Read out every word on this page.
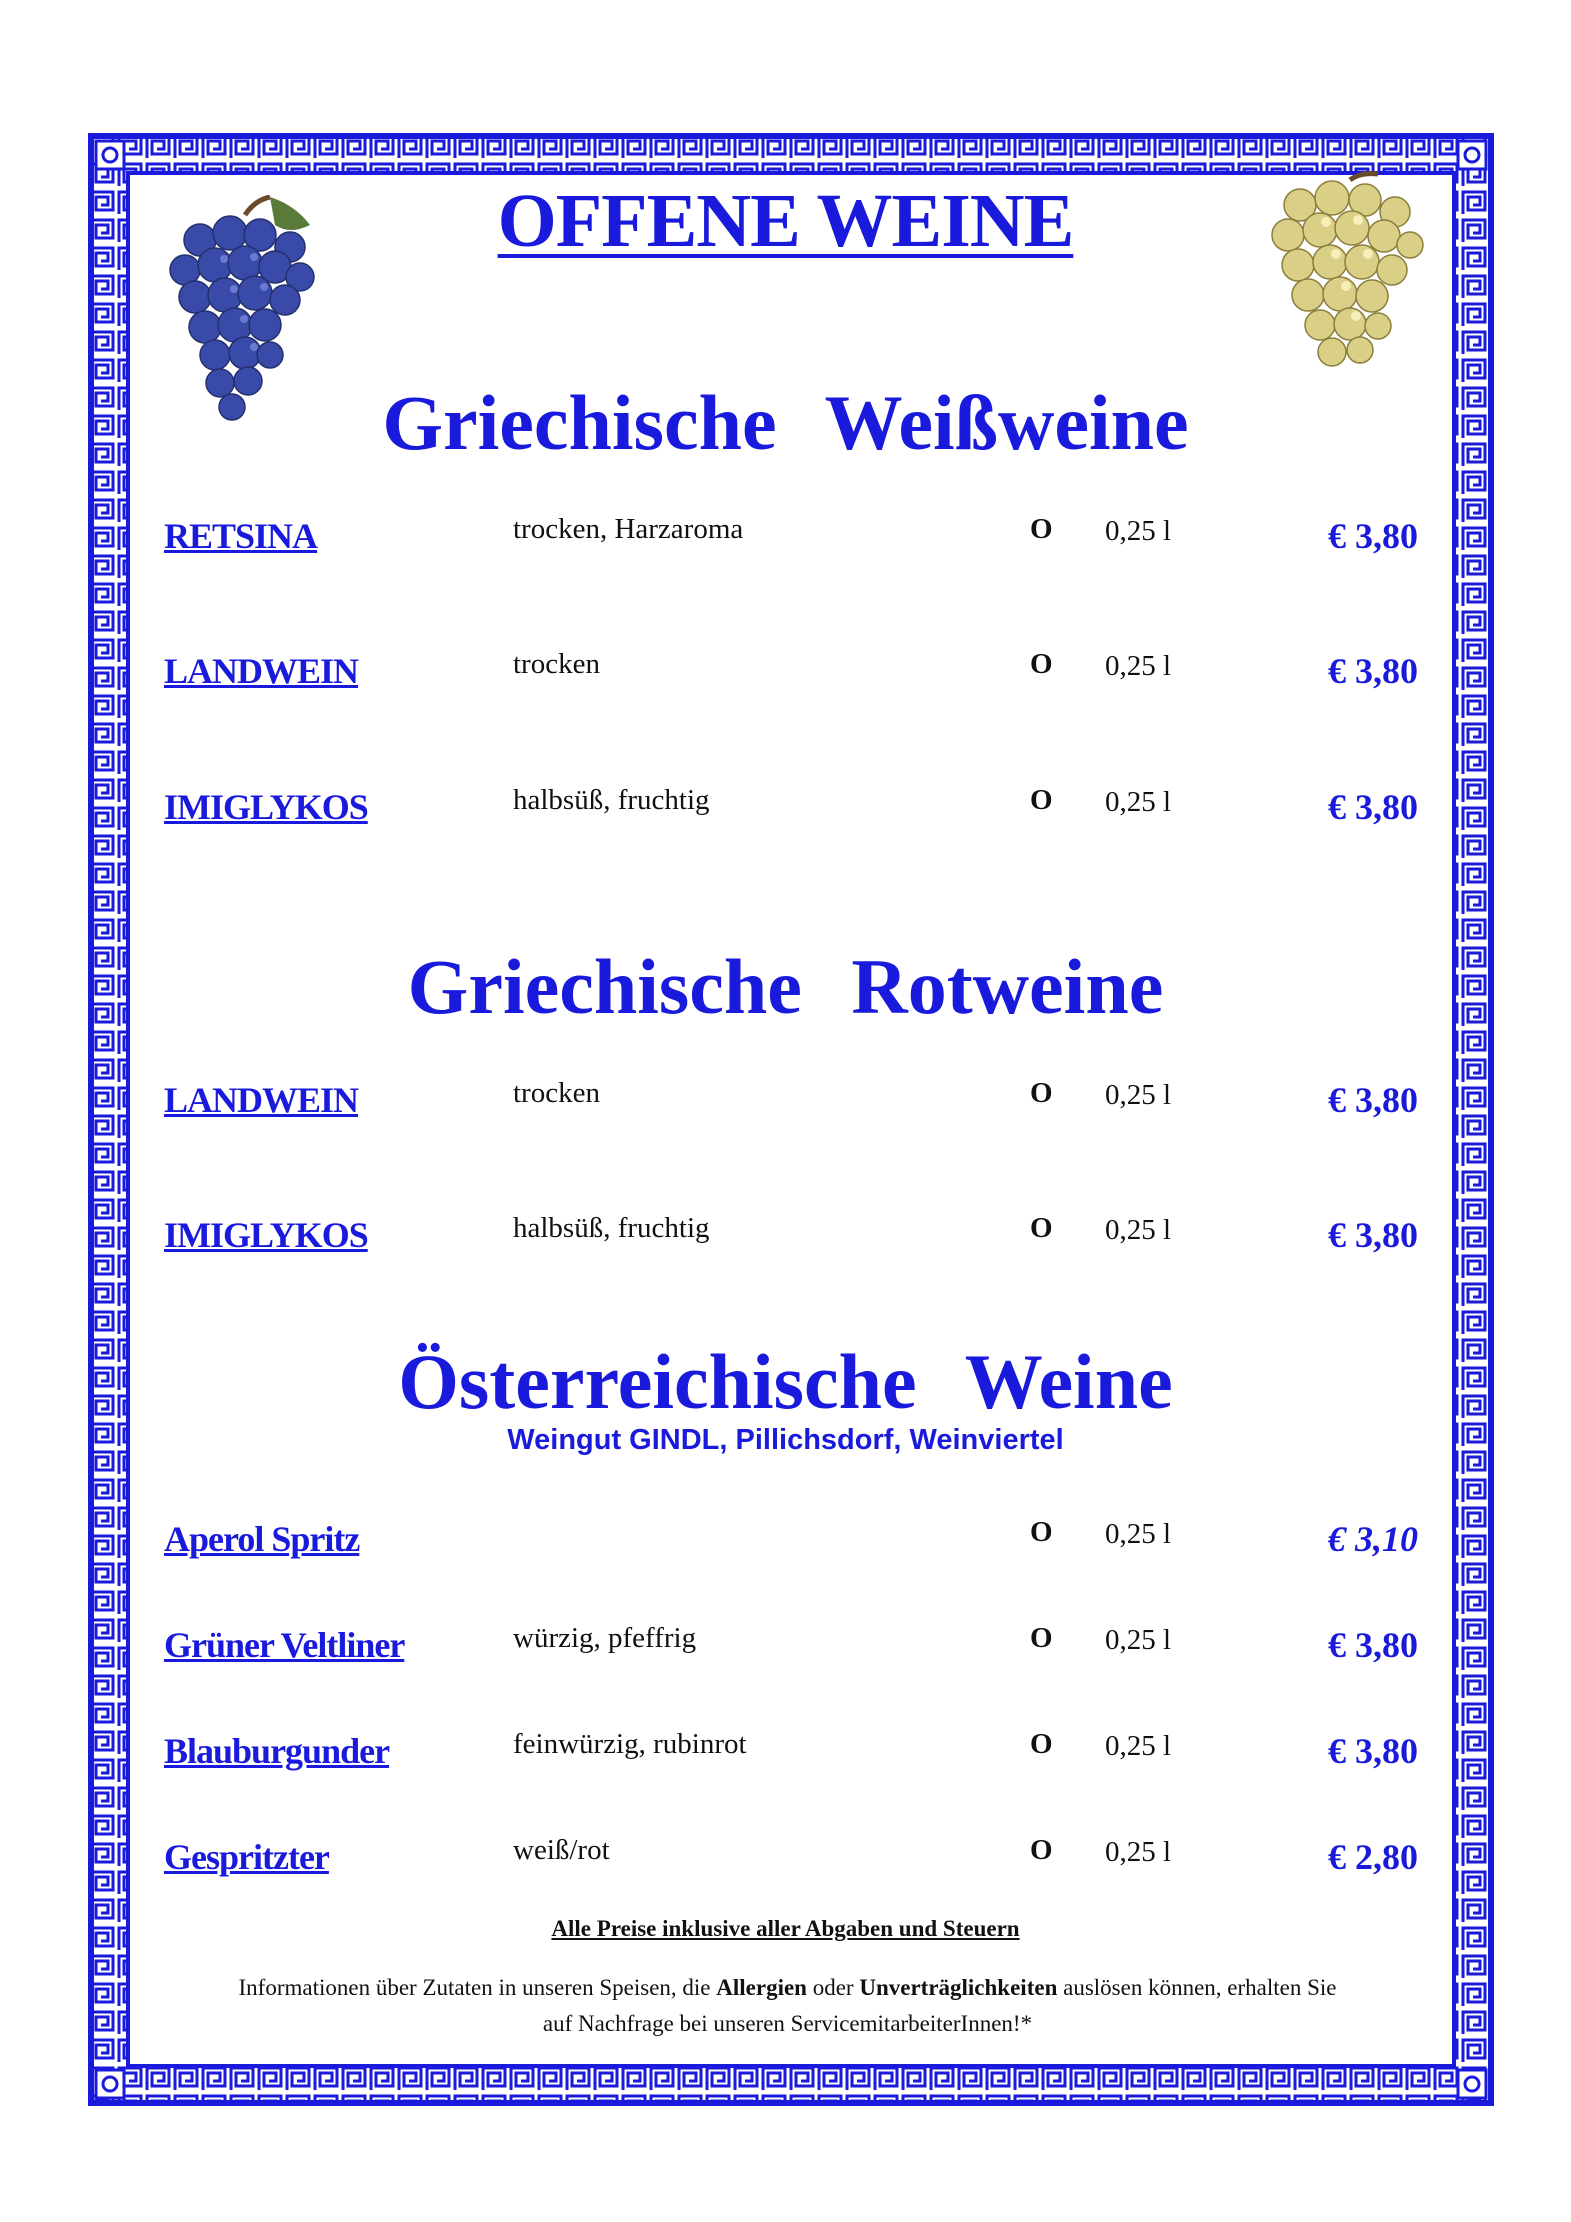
OFFENE WEINE
Griechische Weißweine
RETSINA	trocken, Harzaroma	O 0,25 l	€ 3,80
LANDWEIN	trocken	O 0,25 l	€ 3,80
IMIGLYKOS	halbsüß, fruchtig	O 0,25 l	€ 3,80
Griechische Rotweine
LANDWEIN	trocken	O 0,25 l	€ 3,80
IMIGLYKOS	halbsüß, fruchtig	O 0,25 l	€ 3,80
Österreichische Weine
Weingut GINDL, Pillichsdorf, Weinviertel
Aperol Spritz	O 0,25 l	€ 3,10
Grüner Veltliner	würzig, pfeffrig	O 0,25 l	€ 3,80
Blauburgunder	feinwürzig, rubinrot	O 0,25 l	€ 3,80
Gespritzter	weiß/rot	O 0,25 l	€ 2,80
Alle Preise inklusive aller Abgaben und Steuern
Informationen über Zutaten in unseren Speisen, die Allergien oder Unverträglichkeiten auslösen können, erhalten Sie
auf Nachfrage bei unseren ServicemitarbeiterInnen!*
